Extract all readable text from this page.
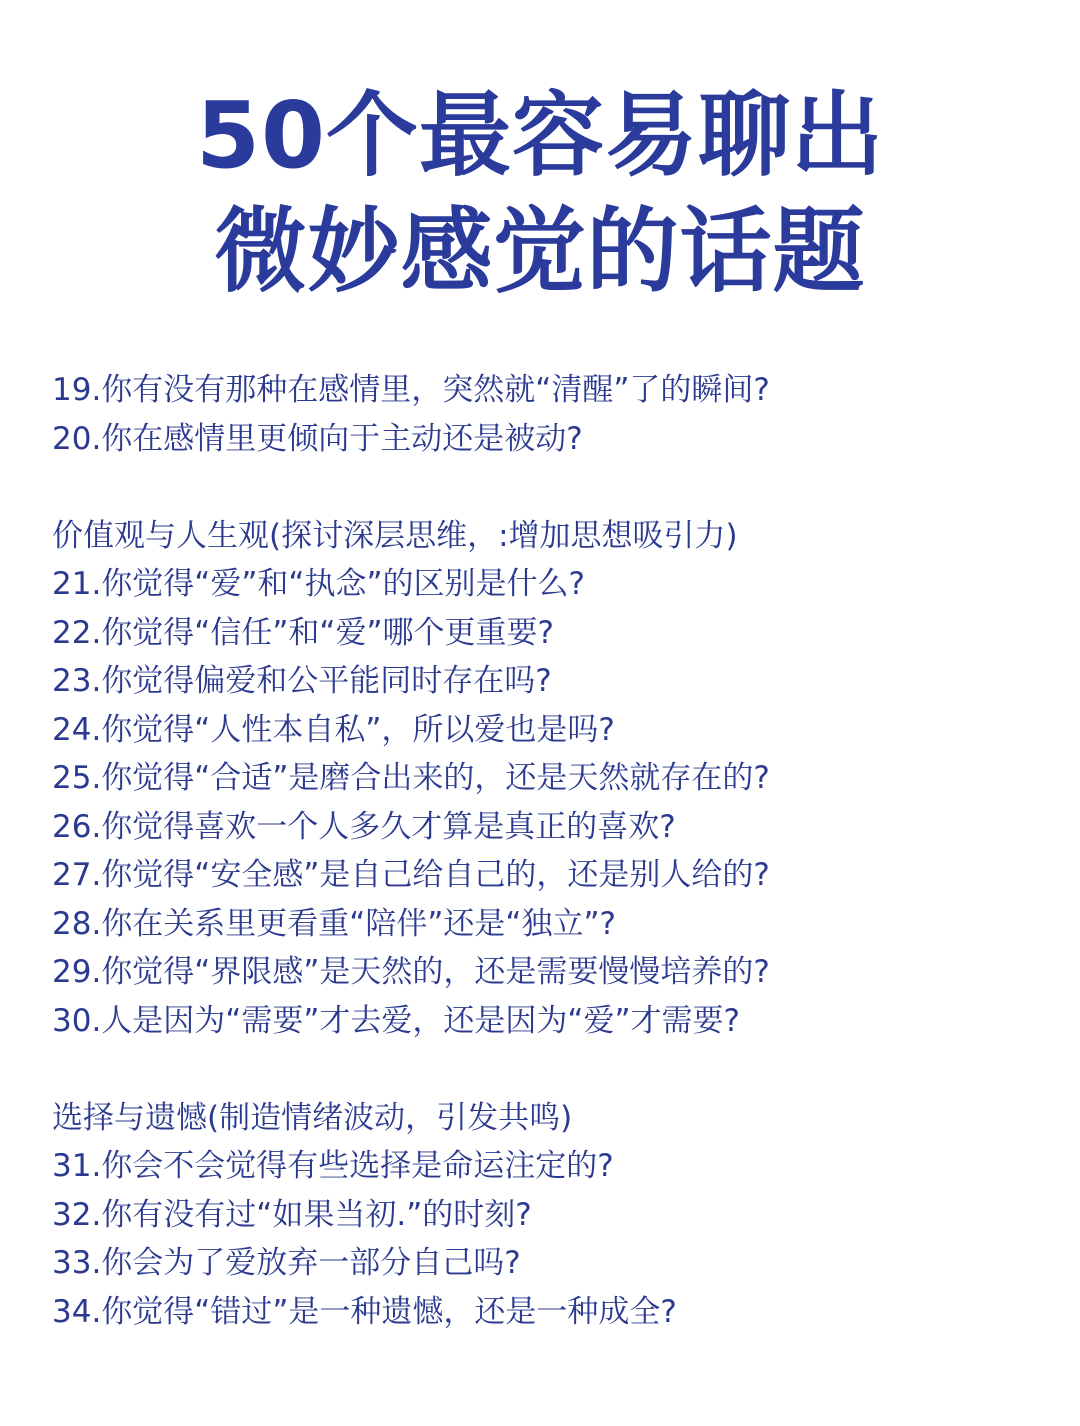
50个最容易聊出
微妙感觉的话题
19.你有没有那种在感情里，突然就“清醒”了的瞬间?
20.你在感情里更倾向于主动还是被动?
价值观与人生观(探讨深层思维，:增加思想吸引力)
21.你觉得“爱”和“执念”的区别是什么?
22.你觉得“信任”和“爱”哪个更重要?
23.你觉得偏爱和公平能同时存在吗?
24.你觉得“人性本自私”，所以爱也是吗?
25.你觉得“合适”是磨合出来的，还是天然就存在的?
26.你觉得喜欢一个人多久才算是真正的喜欢?
27.你觉得“安全感”是自己给自己的，还是别人给的?
28.你在关系里更看重“陪伴”还是“独立”?
29.你觉得“界限感”是天然的，还是需要慢慢培养的?
30.人是因为“需要”才去爱，还是因为“爱”才需要?
选择与遗憾(制造情绪波动，引发共鸣)
31.你会不会觉得有些选择是命运注定的?
32.你有没有过“如果当初.”的时刻?
33.你会为了爱放弃一部分自己吗?
34.你觉得“错过”是一种遗憾，还是一种成全?
